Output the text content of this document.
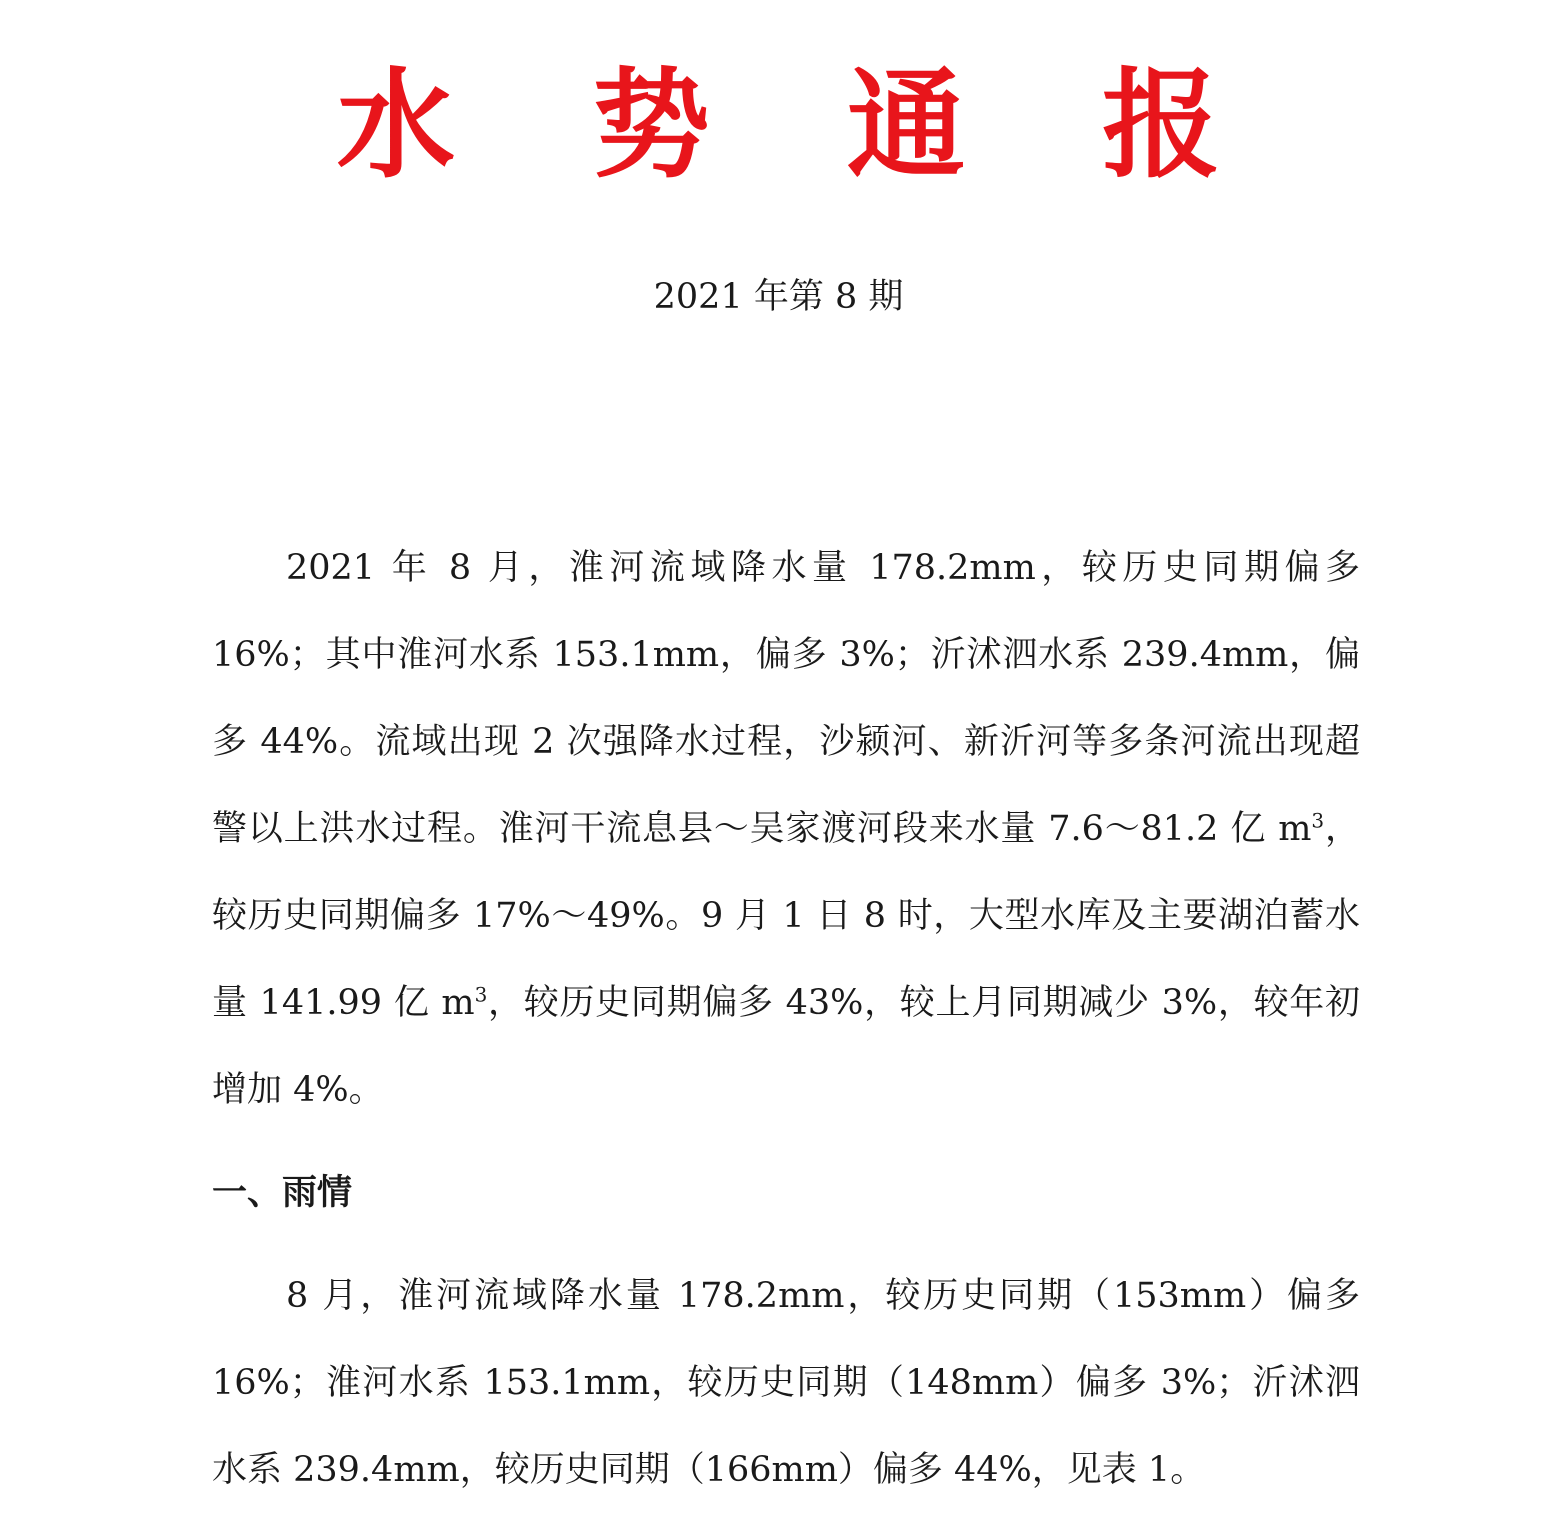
水 势 通 报
2021 年第 8 期
2021 年 8 月，淮河流域降水量 178.2mm，较历史同期偏多 16%；其中淮河水系 153.1mm，偏多 3%；沂沭泗水系 239.4mm，偏多 44%。流域出现 2 次强降水过程，沙颍河、新沂河等多条河流出现超警以上洪水过程。淮河干流息县～吴家渡河段来水量 7.6～81.2 亿 $m^3$，较历史同期偏多 17%～49%。9 月 1 日 8 时，大型水库及主要湖泊蓄水量 141.99 亿 $m^3$，较历史同期偏多 43%，较上月同期减少 3%，较年初增加 4%。
一、雨情
8 月，淮河流域降水量 178.2mm，较历史同期（153mm）偏多 16%；淮河水系 153.1mm，较历史同期（148mm）偏多 3%；沂沭泗水系 239.4mm，较历史同期（166mm）偏多 44%，见表 1。
